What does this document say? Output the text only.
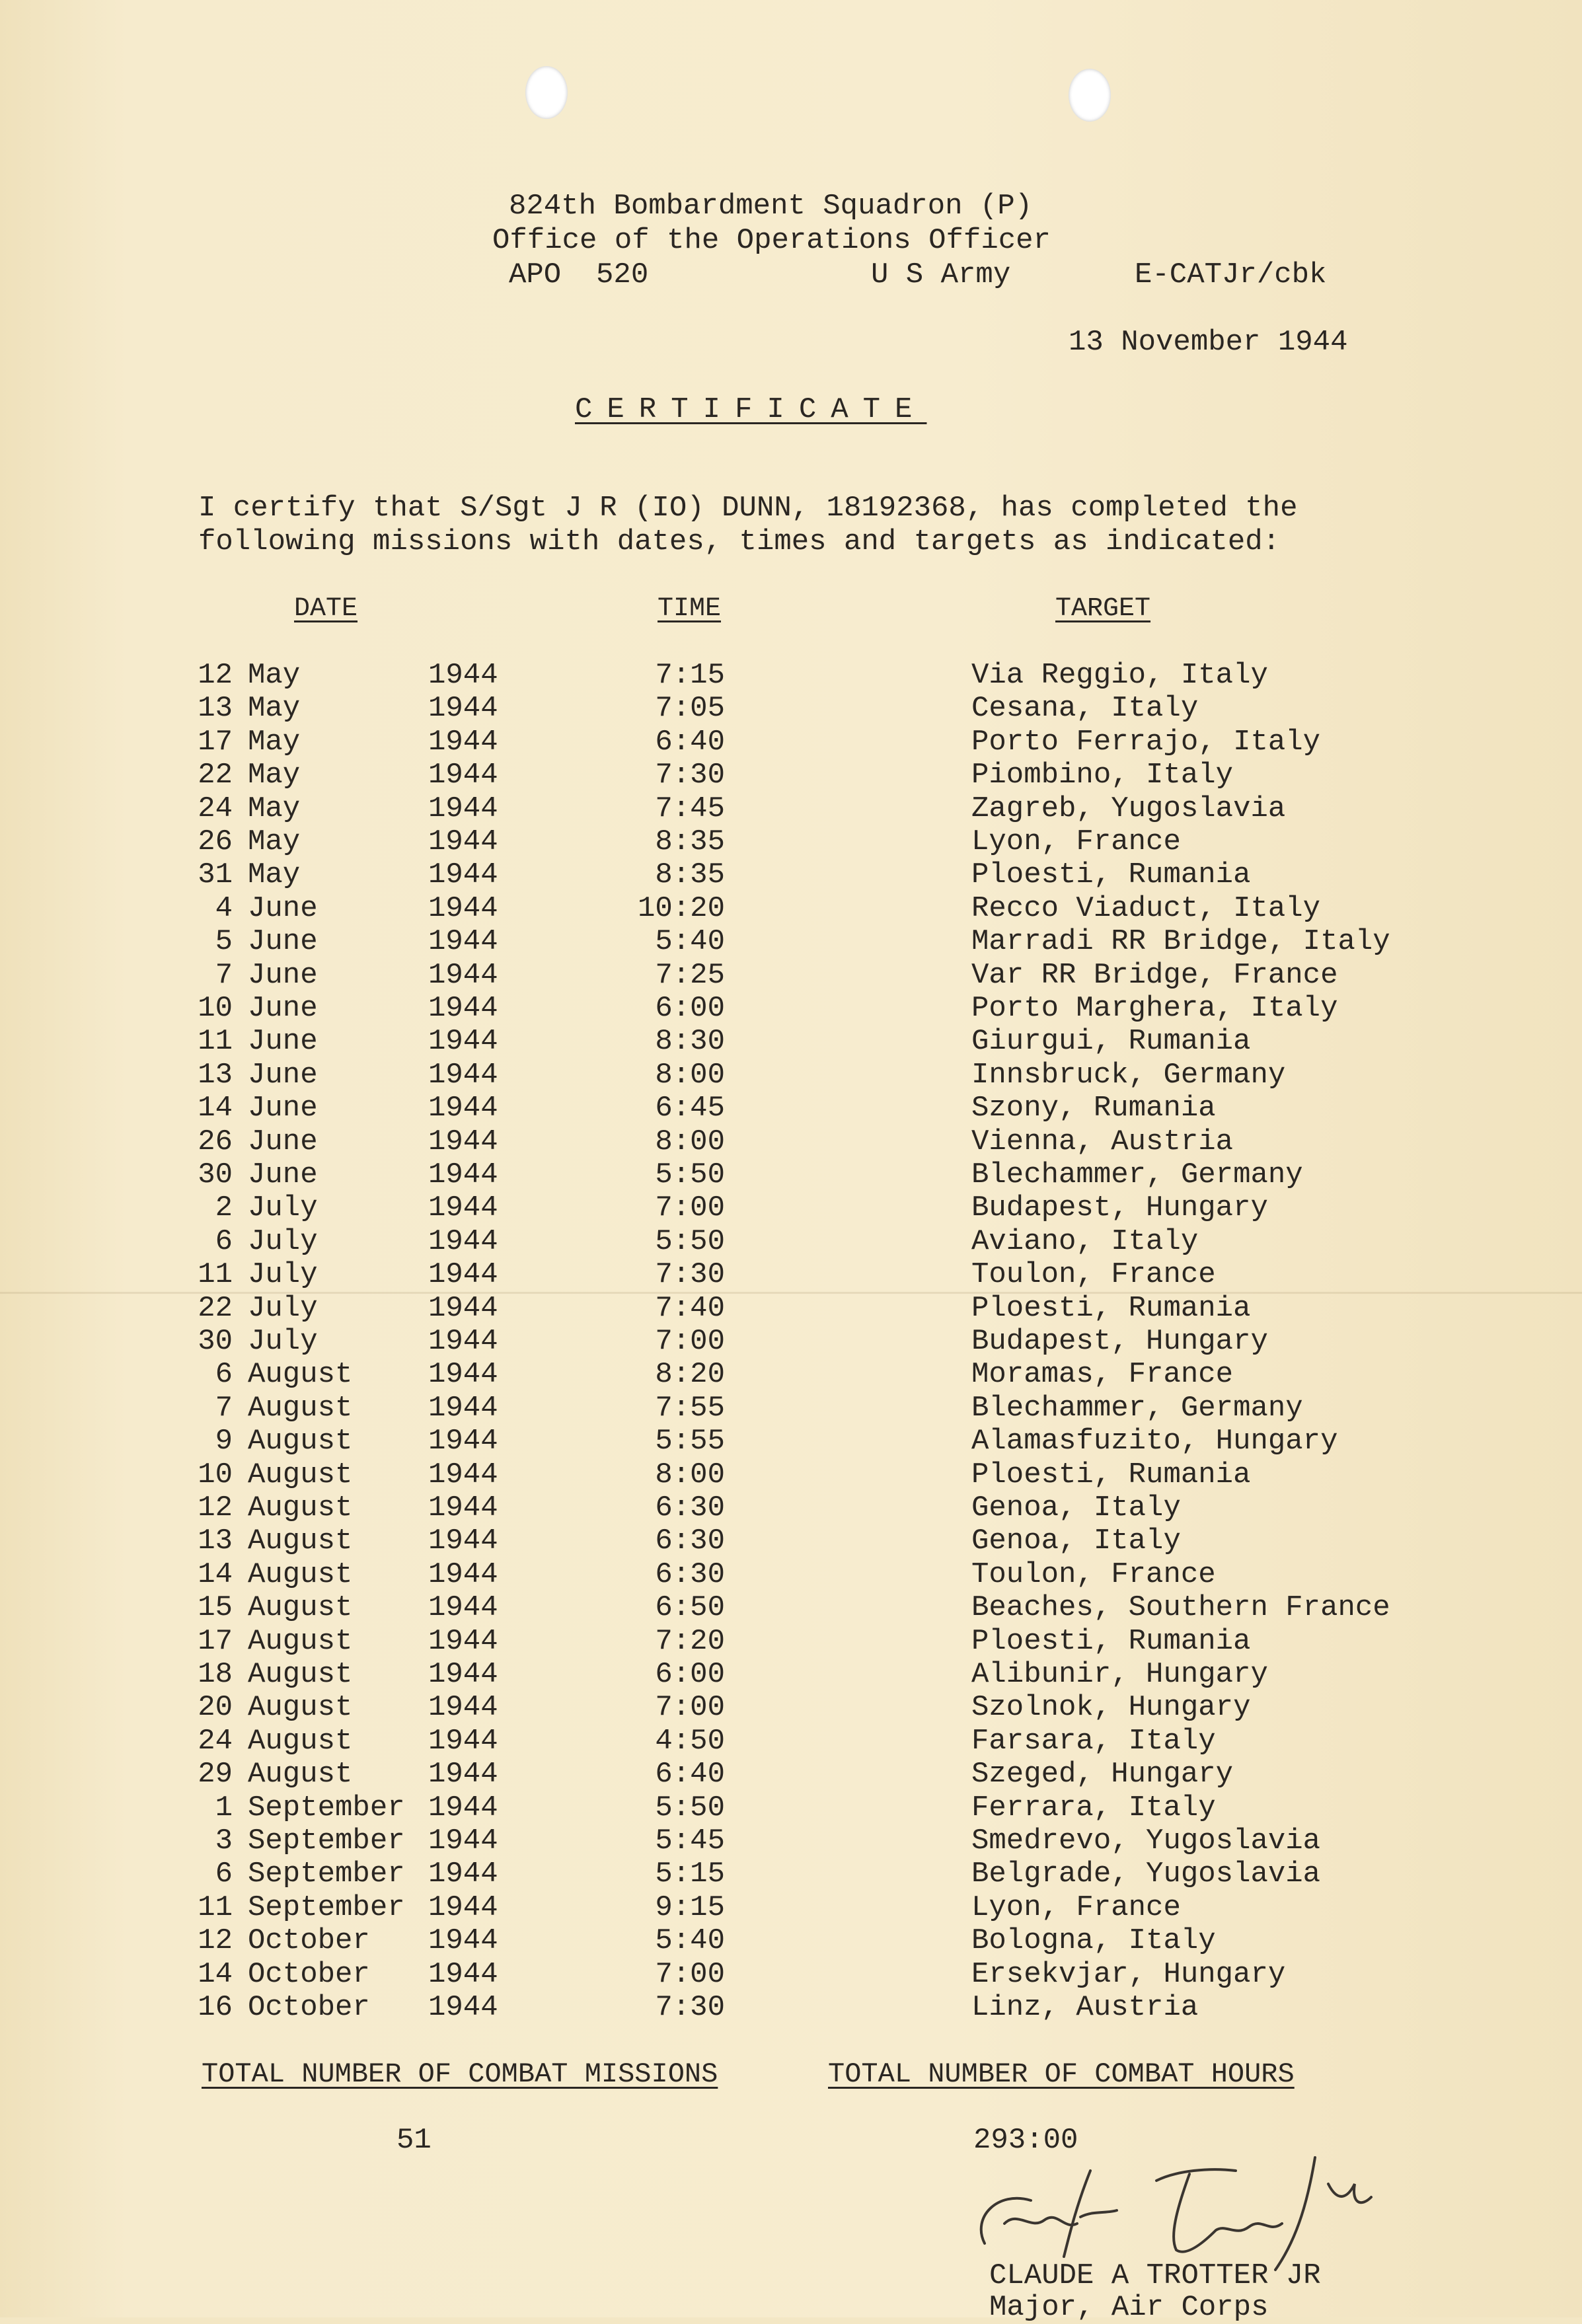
824th Bombardment Squadron (P)
Office of the Operations Officer
APO  520	U S Army	E-CATJr/cbk
13 November 1944
CERTIFICATE
I certify that S/Sgt J R (IO) DUNN, 18192368, has completed the
following missions with dates, times and targets as indicated:
DATE	TIME	TARGET
12 May	1944	7:15	Via Reggio, Italy
13 May	1944	7:05	Cesana, Italy
17 May	1944	6:40	Porto Ferrajo, Italy
22 May	1944	7:30	Piombino, Italy
24 May	1944	7:45	Zagreb, Yugoslavia
26 May	1944	8:35	Lyon, France
31 May	1944	8:35	Ploesti, Rumania
4 June	1944	10:20	Recco Viaduct, Italy
5 June	1944	5:40	Marradi RR Bridge, Italy
7 June	1944	7:25	Var RR Bridge, France
10 June	1944	6:00	Porto Marghera, Italy
11 June	1944	8:30	Giurgui, Rumania
13 June	1944	8:00	Innsbruck, Germany
14 June	1944	6:45	Szony, Rumania
26 June	1944	8:00	Vienna, Austria
30 June	1944	5:50	Blechammer, Germany
2 July	1944	7:00	Budapest, Hungary
6 July	1944	5:50	Aviano, Italy
11 July	1944	7:30	Toulon, France
22 July	1944	7:40	Ploesti, Rumania
30 July	1944	7:00	Budapest, Hungary
6 August	1944	8:20	Moramas, France
7 August	1944	7:55	Blechammer, Germany
9 August	1944	5:55	Alamasfuzito, Hungary
10 August	1944	8:00	Ploesti, Rumania
12 August	1944	6:30	Genoa, Italy
13 August	1944	6:30	Genoa, Italy
14 August	1944	6:30	Toulon, France
15 August	1944	6:50	Beaches, Southern France
17 August	1944	7:20	Ploesti, Rumania
18 August	1944	6:00	Alibunir, Hungary
20 August	1944	7:00	Szolnok, Hungary
24 August	1944	4:50	Farsara, Italy
29 August	1944	6:40	Szeged, Hungary
1 September 1944	5:50	Ferrara, Italy
3 September 1944	5:45	Smedrevo, Yugoslavia
6 September 1944	5:15	Belgrade, Yugoslavia
11 September 1944	9:15	Lyon, France
12 October 1944	5:40	Bologna, Italy
14 October 1944	7:00	Ersekvjar, Hungary
16 October 1944	7:30	Linz, Austria
TOTAL NUMBER OF COMBAT MISSIONS
51
TOTAL NUMBER OF COMBAT HOURS
293:00
CLAUDE A TROTTER JR
Major, Air Corps
